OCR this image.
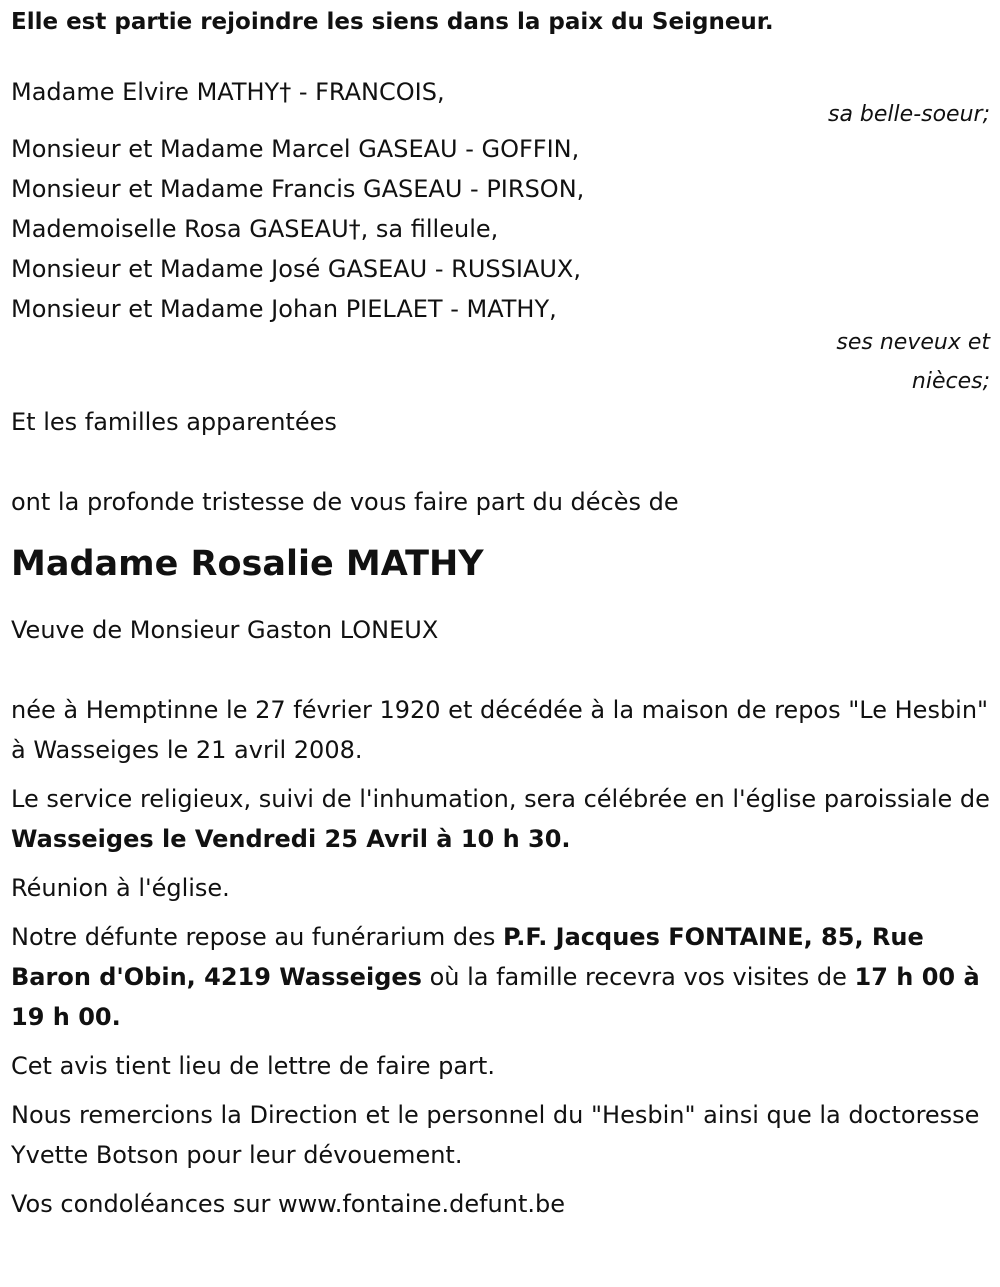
Elle est partie rejoindre les siens dans la paix du Seigneur.
Madame Elvire MATHY† - FRANCOIS,
sa belle-soeur;
Monsieur et Madame Marcel GASEAU - GOFFIN,
Monsieur et Madame Francis GASEAU - PIRSON,
Mademoiselle Rosa GASEAU†, sa filleule,
Monsieur et Madame José GASEAU - RUSSIAUX,
Monsieur et Madame Johan PIELAET - MATHY,
ses neveux et
nièces;
Et les familles apparentées
ont la profonde tristesse de vous faire part du décès de
Madame Rosalie MATHY
Veuve de Monsieur Gaston LONEUX
née à Hemptinne le 27 février 1920 et décédée à la maison de repos "Le Hesbin" à Wasseiges le 21 avril 2008.
Le service religieux, suivi de l'inhumation, sera célébrée en l'église paroissiale de Wasseiges le Vendredi 25 Avril à 10 h 30.
Réunion à l'église.
Notre défunte repose au funérarium des P.F. Jacques FONTAINE, 85, Rue Baron d'Obin, 4219 Wasseiges où la famille recevra vos visites de 17 h 00 à 19 h 00.
Cet avis tient lieu de lettre de faire part.
Nous remercions la Direction et le personnel du "Hesbin" ainsi que la doctoresse Yvette Botson pour leur dévouement.
Vos condoléances sur www.fontaine.defunt.be
